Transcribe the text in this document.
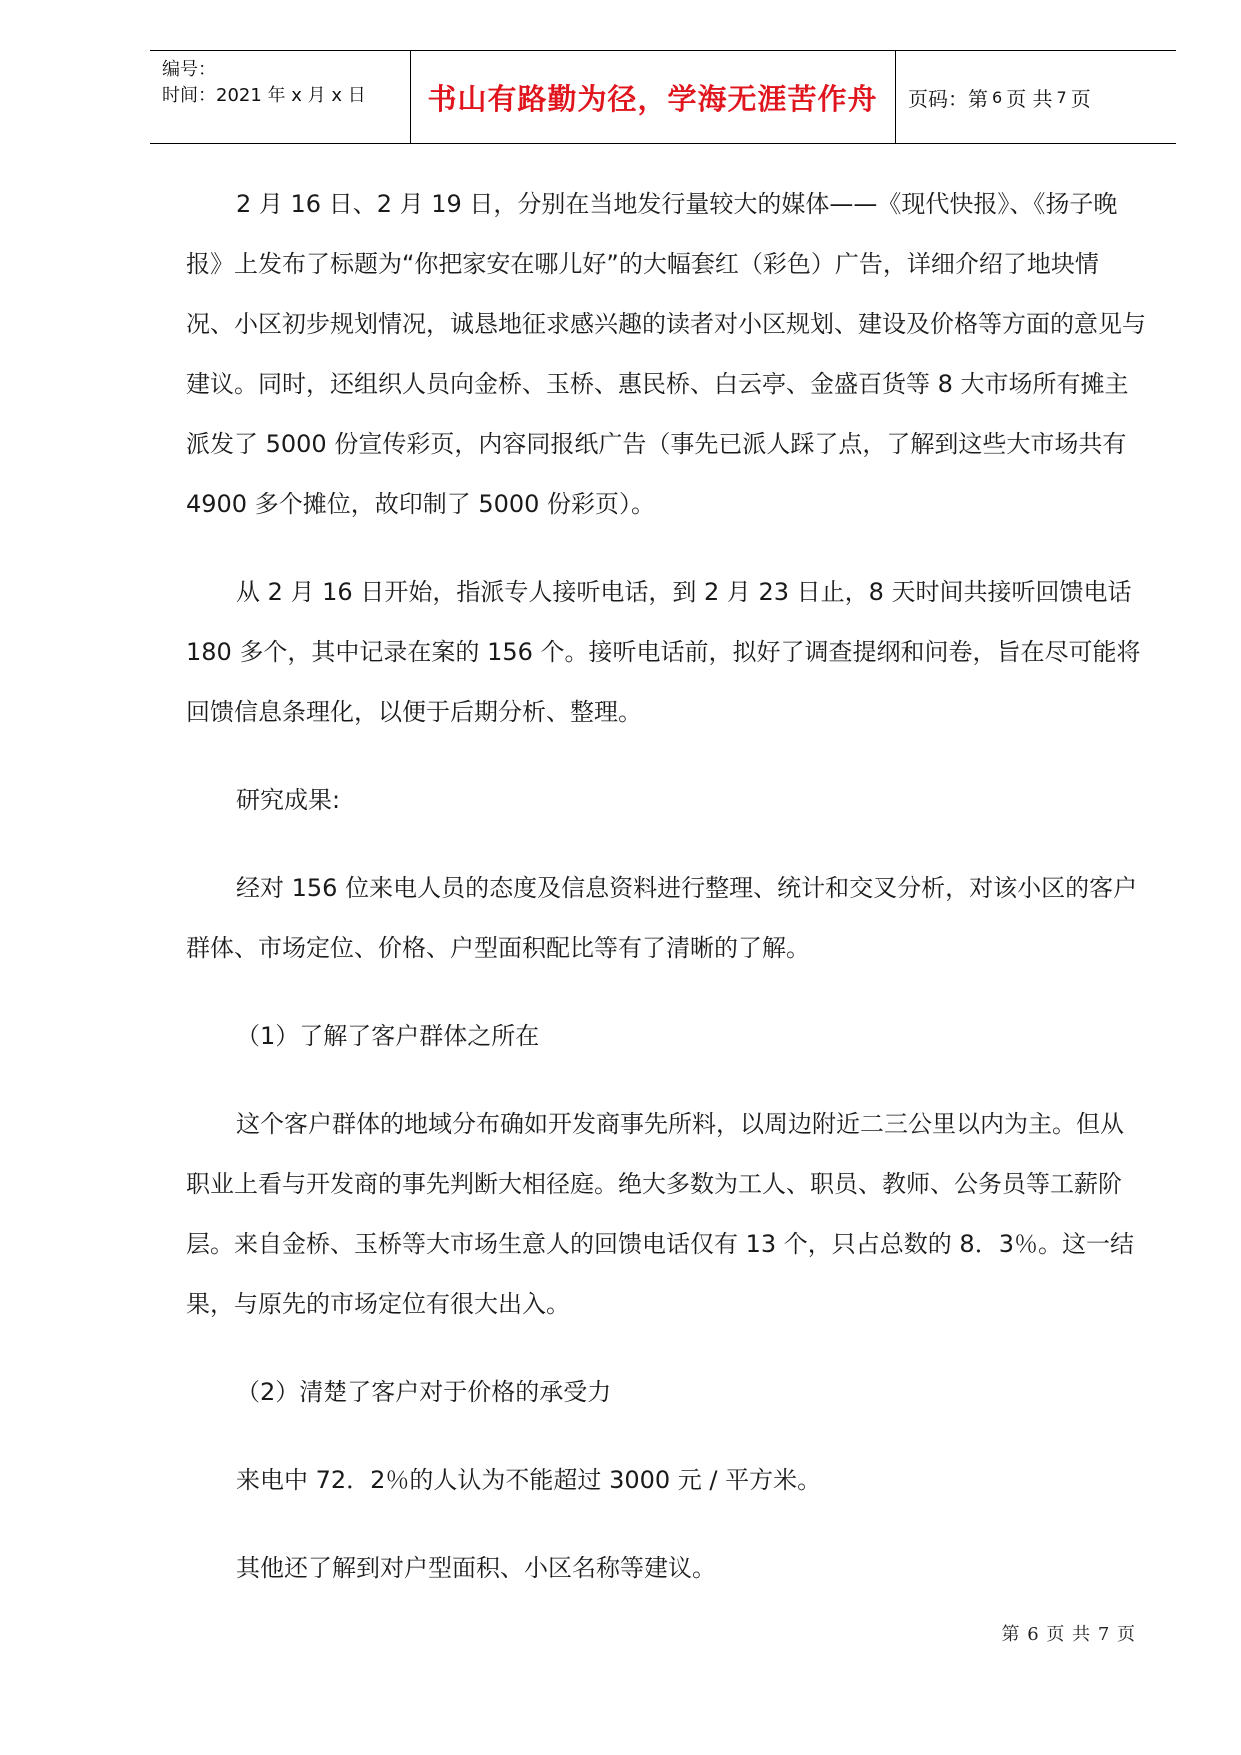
编号：
时间：2021 年 x 月 x 日	书山有路勤为径，学海无涯苦作舟	页码：第 6 页 共 7 页

2 月 16 日、2 月 19 日，分别在当地发行量较大的媒体——《现代快报》、《扬子晚报》上发布了标题为“你把家安在哪儿好”的大幅套红（彩色）广告，详细介绍了地块情况、小区初步规划情况，诚恳地征求感兴趣的读者对小区规划、建设及价格等方面的意见与建议。同时，还组织人员向金桥、玉桥、惠民桥、白云亭、金盛百货等 8 大市场所有摊主派发了 5000 份宣传彩页，内容同报纸广告（事先已派人踩了点，了解到这些大市场共有 4900 多个摊位，故印制了 5000 份彩页）。

从 2 月 16 日开始，指派专人接听电话，到 2 月 23 日止，8 天时间共接听回馈电话 180 多个，其中记录在案的 156 个。接听电话前，拟好了调查提纲和问卷，旨在尽可能将回馈信息条理化，以便于后期分析、整理。

研究成果:

经对 156 位来电人员的态度及信息资料进行整理、统计和交叉分析，对该小区的客户群体、市场定位、价格、户型面积配比等有了清晰的了解。

（1）了解了客户群体之所在

这个客户群体的地域分布确如开发商事先所料，以周边附近二三公里以内为主。但从职业上看与开发商的事先判断大相径庭。绝大多数为工人、职员、教师、公务员等工薪阶层。来自金桥、玉桥等大市场生意人的回馈电话仅有 13 个，只占总数的 8．3％。这一结果，与原先的市场定位有很大出入。

（2）清楚了客户对于价格的承受力

来电中 72．2％的人认为不能超过 3000 元 / 平方米。

其他还了解到对户型面积、小区名称等建议。

第 6 页 共 7 页
